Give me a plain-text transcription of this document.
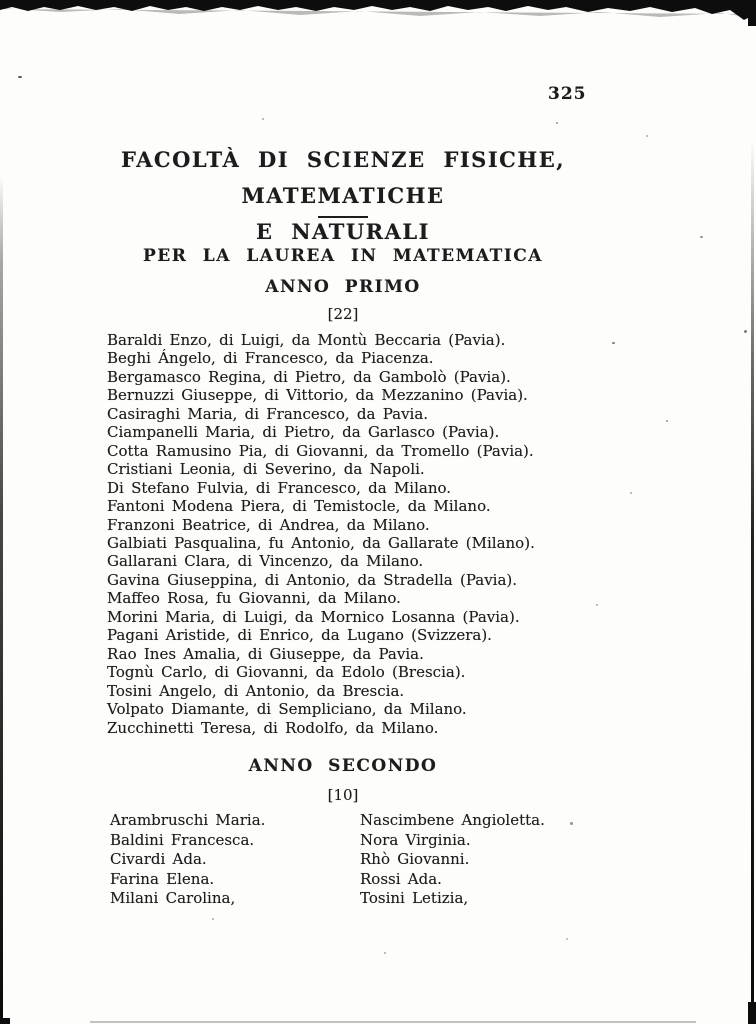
325
FACOLTÀ DI SCIENZE FISICHE, MATEMATICHE
E NATURALI
PER LA LAUREA IN MATEMATICA
ANNO PRIMO
[22]
Baraldi Enzo, di Luigi, da Montù Beccaria (Pavia).
Beghi Ángelo, di Francesco, da Piacenza.
Bergamasco Regina, di Pietro, da Gambolò (Pavia).
Bernuzzi Giuseppe, di Vittorio, da Mezzanino (Pavia).
Casiraghi Maria, di Francesco, da Pavia.
Ciampanelli Maria, di Pietro, da Garlasco (Pavia).
Cotta Ramusino Pia, di Giovanni, da Tromello (Pavia).
Cristiani Leonia, di Severino, da Napoli.
Di Stefano Fulvia, di Francesco, da Milano.
Fantoni Modena Piera, di Temistocle, da Milano.
Franzoni Beatrice, di Andrea, da Milano.
Galbiati Pasqualina, fu Antonio, da Gallarate (Milano).
Gallarani Clara, di Vincenzo, da Milano.
Gavina Giuseppina, di Antonio, da Stradella (Pavia).
Maffeo Rosa, fu Giovanni, da Milano.
Morini Maria, di Luigi, da Mornico Losanna (Pavia).
Pagani Aristide, di Enrico, da Lugano (Svizzera).
Rao Ines Amalia, di Giuseppe, da Pavia.
Tognù Carlo, di Giovanni, da Edolo (Brescia).
Tosini Angelo, di Antonio, da Brescia.
Volpato Diamante, di Sempliciano, da Milano.
Zucchinetti Teresa, di Rodolfo, da Milano.
ANNO SECONDO
[10]
Arambruschi Maria.
Baldini Francesca.
Civardi Ada.
Farina Elena.
Milani Carolina,
Nascimbene Angioletta.
Nora Virginia.
Rhò Giovanni.
Rossi Ada.
Tosini Letizia,
